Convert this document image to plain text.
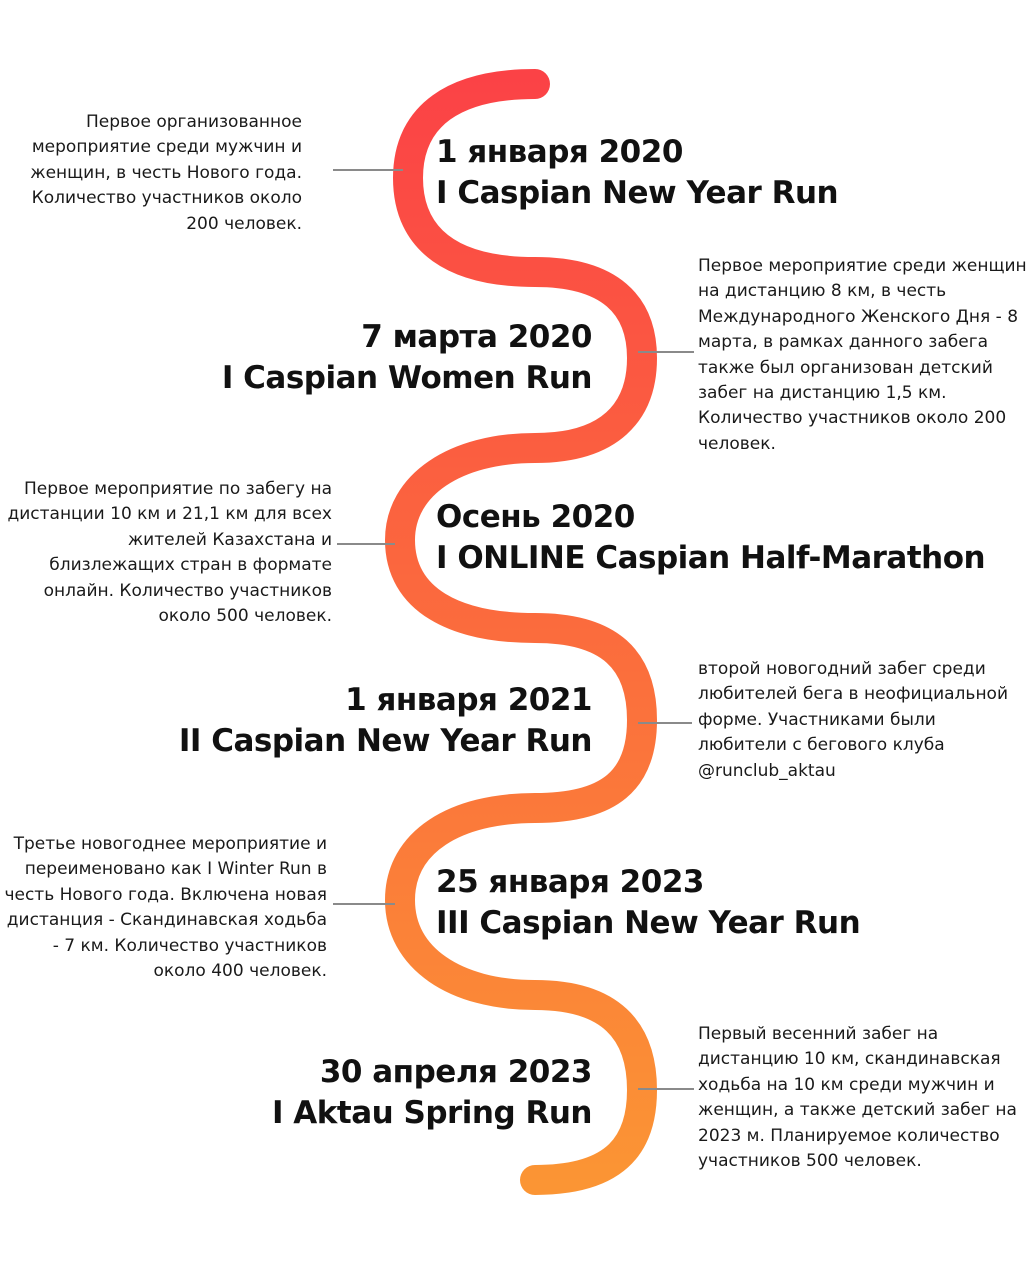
1 января 2020
I Caspian New Year Run
Первое организованное мероприятие среди мужчин и женщин, в честь Нового года. Количество участников около 200 человек.
7 марта 2020
I Caspian Women Run
Первое мероприятие среди женщин на дистанцию 8 км, в честь Международного Женского Дня - 8 марта, в рамках данного забега также был организован детский забег на дистанцию 1,5 км. Количество участников около 200 человек.
Осень 2020
I ONLINE Caspian Half-Marathon
Первое мероприятие по забегу на дистанции 10 км и 21,1 км для всех жителей Казахстана и близлежащих стран в формате онлайн. Количество участников около 500 человек.
1 января 2021
II Caspian New Year Run
второй новогодний забег среди любителей бега в неофициальной форме. Участниками были любители с бегового клуба @runclub_aktau
25 января 2023
III Caspian New Year Run
Третье новогоднее мероприятие и переименовано как I Winter Run в честь Нового года. Включена новая дистанция - Скандинавская ходьба - 7 км. Количество участников около 400 человек.
30 апреля 2023
I Aktau Spring Run
Первый весенний забег на дистанцию 10 км, скандинавская ходьба на 10 км среди мужчин и женщин, а также детский забег на 2023 м. Планируемое количество участников 500 человек.
